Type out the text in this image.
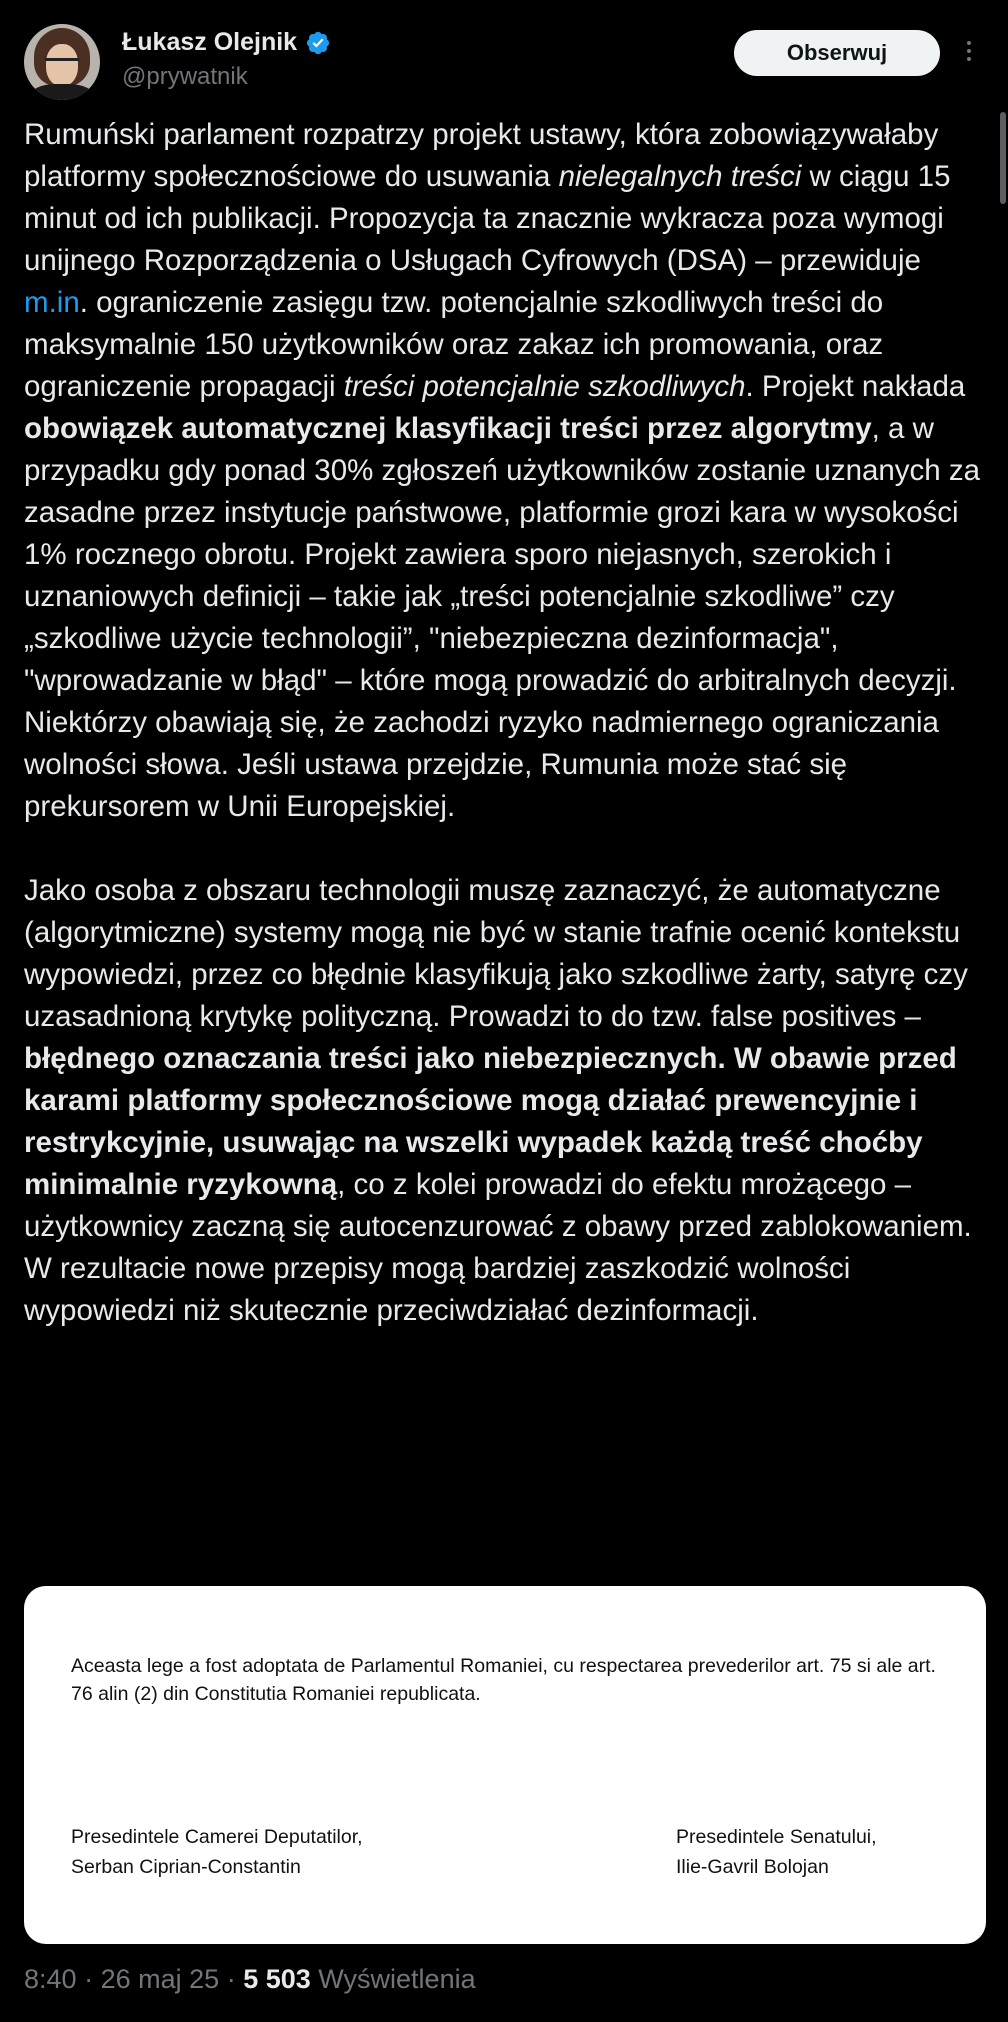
Łukasz Olejnik
@prywatnik
Obserwuj

Rumuński parlament rozpatrzy projekt ustawy, która zobowiązywałaby platformy społecznościowe do usuwania nielegalnych treści w ciągu 15 minut od ich publikacji. Propozycja ta znacznie wykracza poza wymogi unijnego Rozporządzenia o Usługach Cyfrowych (DSA) – przewiduje m.in. ograniczenie zasięgu tzw. potencjalnie szkodliwych treści do maksymalnie 150 użytkowników oraz zakaz ich promowania, oraz ograniczenie propagacji treści potencjalnie szkodliwych. Projekt nakłada obowiązek automatycznej klasyfikacji treści przez algorytmy, a w przypadku gdy ponad 30% zgłoszeń użytkowników zostanie uznanych za zasadne przez instytucje państwowe, platformie grozi kara w wysokości 1% rocznego obrotu. Projekt zawiera sporo niejasnych, szerokich i uznaniowych definicji – takie jak „treści potencjalnie szkodliwe” czy „szkodliwe użycie technologii”, "niebezpieczna dezinformacja", "wprowadzanie w błąd" – które mogą prowadzić do arbitralnych decyzji. Niektórzy obawiają się, że zachodzi ryzyko nadmiernego ograniczania wolności słowa. Jeśli ustawa przejdzie, Rumunia może stać się prekursorem w Unii Europejskiej.

Jako osoba z obszaru technologii muszę zaznaczyć, że automatyczne (algorytmiczne) systemy mogą nie być w stanie trafnie ocenić kontekstu wypowiedzi, przez co błędnie klasyfikują jako szkodliwe żarty, satyrę czy uzasadnioną krytykę polityczną. Prowadzi to do tzw. false positives – błędnego oznaczania treści jako niebezpiecznych. W obawie przed karami platformy społecznościowe mogą działać prewencyjnie i restrykcyjnie, usuwając na wszelki wypadek każdą treść choćby minimalnie ryzykowną, co z kolei prowadzi do efektu mrożącego – użytkownicy zaczną się autocenzurować z obawy przed zablokowaniem. W rezultacie nowe przepisy mogą bardziej zaszkodzić wolności wypowiedzi niż skutecznie przeciwdziałać dezinformacji.

Aceasta lege a fost adoptata de Parlamentul Romaniei, cu respectarea prevederilor art. 75 si ale art. 76 alin (2) din Constitutia Romaniei republicata.
Presedintele Camerei Deputatilor,
Serban Ciprian-Constantin
Presedintele Senatului,
Ilie-Gavril Bolojan
8:40 · 26 maj 25 · 5 503 Wyświetlenia
